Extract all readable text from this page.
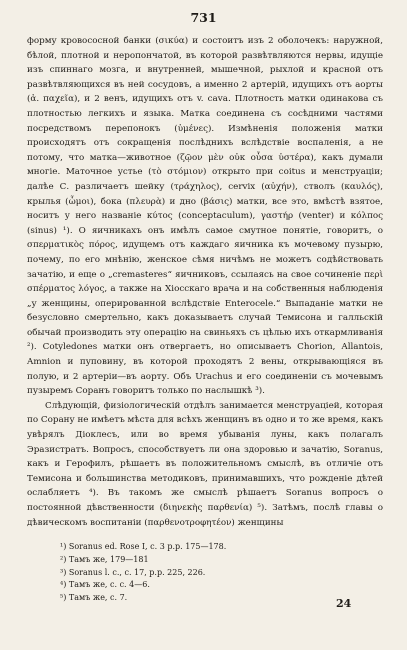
731

форму кровососной банки (σικύα) и состоитъ изъ 2 оболочекъ: наружной, бѣлой, плотной и неропончатой, въ которой развѣтвляются нервы, идущіе изъ спиннаго мозга, и внутренней, мышечной, рыхлой и красной отъ развѣтвляющихся въ ней сосудовъ, а именно 2 артерій, идущихъ отъ аорты (ἀ. παχεῖα), и 2 венъ, идущихъ отъ v. cava. Плотность матки одинакова съ плотностью легкихъ и языка. Матка соединена съ сосѣдними частями посредствомъ перепонокъ (ὑμένες). Измѣненія положенія матки происходятъ отъ сокращенія послѣднихъ вслѣдствіе воспаленія, а не потому, что матка—животное (ζῷον μὲν οὐκ οὖσα ὑστέρα), какъ думали многіе. Маточное устье (τὸ στόμιον) открыто при coitus и менструаціи; далѣе С. различаетъ шейку (τράχηλος), cervix (αὐχήν), стволъ (καυλός), крылья (ὦμοι), бока (πλευρὰ) и дно (βάσις) матки, все это, вмѣстѣ взятое, носитъ у него названіе κύτος (conceptaculum), γαστήρ (venter) и κόλπος (sinus) ¹). О яичникахъ онъ имѣлъ самое смутное понятіе, говоритъ, о σπερματικὸς πόρος, идущемъ отъ каждаго яичника къ мочевому пузырю, почему, по его мнѣнію, женское сѣмя ничѣмъ не можетъ содѣйствовать зачатію, и еще о „cremasteres“ яичниковъ, ссылаясь на свое сочиненіе περὶ σπέρματος λόγος, а также на Хіосскаго врача и на собственныя наблюденія „у женщины, оперированной вслѣдствіе Enterocele.“ Выпаданіе матки не безусловно смертельно, какъ доказываетъ случай Темисона и галльскій обычай производить эту операцію на свиньяхъ съ цѣлью ихъ откармливанія ²). Cotyledones матки онъ отвергаетъ, но описываетъ Chorion, Allantois, Amnion и пуповину, въ которой проходятъ 2 вены, открывающіяся въ полую, и 2 артеріи—въ аорту. Объ Urachus и его соединеніи съ мочевымъ пузыремъ Соранъ говоритъ только по наслышкѣ ³).

Слѣдующій, физіологическій отдѣлъ занимается менструаціей, которая по Сорану не имѣетъ мѣста для всѣхъ женщинъ въ одно и то же время, какъ увѣрялъ Діоклесъ, или во время убыванія луны, какъ полагалъ Эразистратъ. Вопросъ, способствуетъ ли она здоровью и зачатію, Soranus, какъ и Герофилъ, рѣшаетъ въ положительномъ смыслѣ, въ отличіе отъ Темисона и большинства методиковъ, принимавшихъ, что рожденіе дѣтей ослабляетъ ⁴). Въ такомъ же смыслѣ рѣшаетъ Soranus вопросъ о постоянной дѣвственности (διηνεκὴς παρθενία) ⁵). Затѣмъ, послѣ главы о дѣвическомъ воспитаніи (παρθενοτροφητέον) женщины

¹) Soranus ed. Rose I, c. 3 р.р. 175—178.
²) Тамъ же, 179—181
³) Soranus l. c., c. 17, р.р. 225, 226.
⁴) Тамъ же, с. с. 4—6.
⁵) Тамъ же, с. 7.	24
